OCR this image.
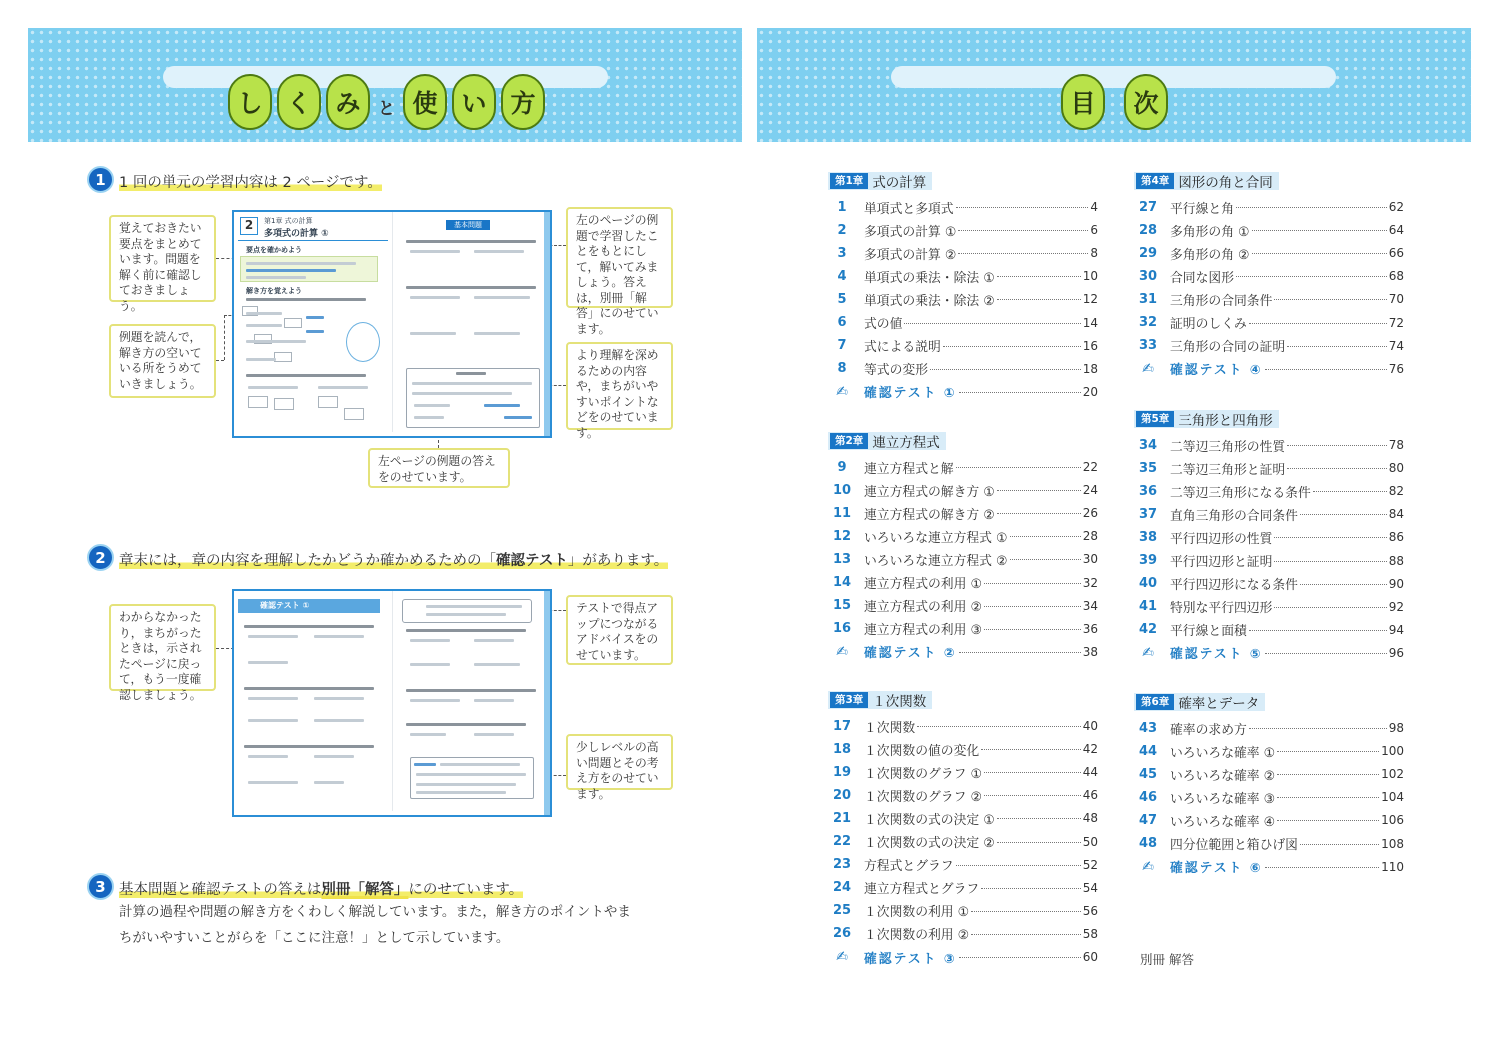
し く み	と 使 い 方
1 1 回の単元の学習内容は 2 ページです。
覚えておきたい要点をまとめています。問題を解く前に確認しておきましょう。
例題を読んで，解き方の空いている所をうめていきましょう。
左のページの例題で学習したことをもとにして，解いてみましょう。答えは，別冊「解答」にのせています。
より理解を深めるための内容や，まちがいやすいポイントなどをのせています。
左ページの例題の答えをのせています。
2	第1章 式の計算
多項式の計算 ①
要点を確かめよう
解き方を覚えよう
基本問題
2 章末には，章の内容を理解したかどうか確かめるための「確認テスト」があります。
わからなかったり，まちがったときは，示されたページに戻って，もう一度確認しましょう。
テストで得点アップにつながるアドバイスをのせています。
少しレベルの高い問題とその考え方をのせています。
確認テスト ①
3 基本問題と確認テストの答えは別冊「解答」にのせています。
計算の過程や問題の解き方をくわしく解説しています。また，解き方のポイントやま
ちがいやすいことがらを「ここに注意！」として示しています。
目	次
第1章 式の計算
1	単項式と多項式	4
2	多項式の計算 ①	6
3	多項式の計算 ②	8
4	単項式の乗法・除法 ①	10
5	単項式の乗法・除法 ②	12
6	式の値	14
7	式による説明	16
8	等式の変形	18
✍	確認テスト ①	20
第2章 連立方程式
9	連立方程式と解	22
10	連立方程式の解き方 ①	24
11	連立方程式の解き方 ②	26
12	いろいろな連立方程式 ①	28
13	いろいろな連立方程式 ②	30
14	連立方程式の利用 ①	32
15	連立方程式の利用 ②	34
16	連立方程式の利用 ③	36
✍	確認テスト ②	38
第3章 １次関数
17	１次関数	40
18	１次関数の値の変化	42
19	１次関数のグラフ ①	44
20	１次関数のグラフ ②	46
21	１次関数の式の決定 ①	48
22	１次関数の式の決定 ②	50
23	方程式とグラフ	52
24	連立方程式とグラフ	54
25	１次関数の利用 ①	56
26	１次関数の利用 ②	58
✍	確認テスト ③	60
第4章 図形の角と合同
27	平行線と角	62
28	多角形の角 ①	64
29	多角形の角 ②	66
30	合同な図形	68
31	三角形の合同条件	70
32	証明のしくみ	72
33	三角形の合同の証明	74
✍	確認テスト ④	76
第5章 三角形と四角形
34	二等辺三角形の性質	78
35	二等辺三角形と証明	80
36	二等辺三角形になる条件	82
37	直角三角形の合同条件	84
38	平行四辺形の性質	86
39	平行四辺形と証明	88
40	平行四辺形になる条件	90
41	特別な平行四辺形	92
42	平行線と面積	94
✍	確認テスト ⑤	96
第6章 確率とデータ
43	確率の求め方	98
44	いろいろな確率 ①	100
45	いろいろな確率 ②	102
46	いろいろな確率 ③	104
47	いろいろな確率 ④	106
48	四分位範囲と箱ひげ図	108
✍	確認テスト ⑥	110
別冊 解答
